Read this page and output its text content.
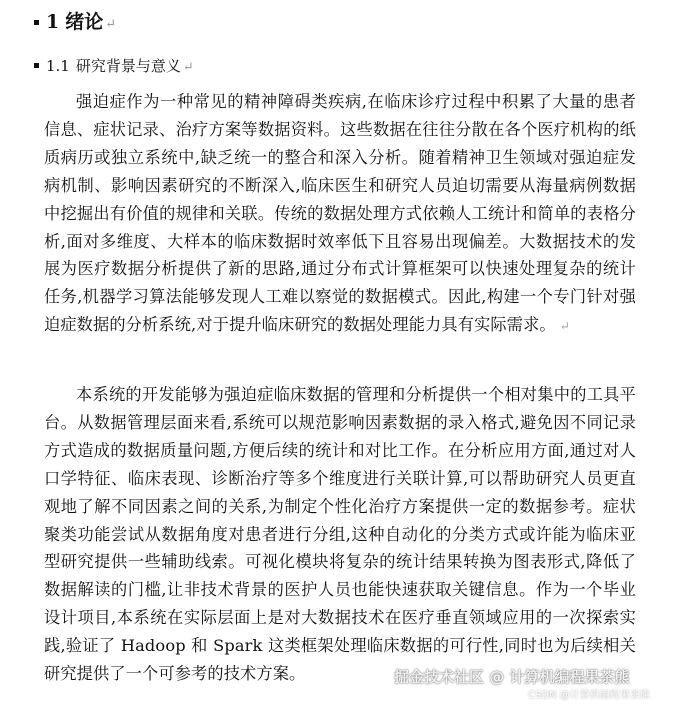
1 绪论 ↵
1.1 研究背景与意义 ↵

强迫症作为一种常见的精神障碍类疾病,在临床诊疗过程中积累了大量的患者信息、症状记录、治疗方案等数据资料。这些数据在往往分散在各个医疗机构的纸质病历或独立系统中,缺乏统一的整合和深入分析。随着精神卫生领域对强迫症发病机制、影响因素研究的不断深入,临床医生和研究人员迫切需要从海量病例数据中挖掘出有价值的规律和关联。传统的数据处理方式依赖人工统计和简单的表格分析,面对多维度、大样本的临床数据时效率低下且容易出现偏差。大数据技术的发展为医疗数据分析提供了新的思路,通过分布式计算框架可以快速处理复杂的统计任务,机器学习算法能够发现人工难以察觉的数据模式。因此,构建一个专门针对强迫症数据的分析系统,对于提升临床研究的数据处理能力具有实际需求。 ↵

本系统的开发能够为强迫症临床数据的管理和分析提供一个相对集中的工具平台。从数据管理层面来看,系统可以规范影响因素数据的录入格式,避免因不同记录方式造成的数据质量问题,方便后续的统计和对比工作。在分析应用方面,通过对人口学特征、临床表现、诊断治疗等多个维度进行关联计算,可以帮助研究人员更直观地了解不同因素之间的关系,为制定个性化治疗方案提供一定的数据参考。症状聚类功能尝试从数据角度对患者进行分组,这种自动化的分类方式或许能为临床亚型研究提供一些辅助线索。可视化模块将复杂的统计结果转换为图表形式,降低了数据解读的门槛,让非技术背景的医护人员也能快速获取关键信息。作为一个毕业设计项目,本系统在实际层面上是对大数据技术在医疗垂直领域应用的一次探索实践,验证了 Hadoop 和 Spark 这类框架处理临床数据的可行性,同时也为后续相关研究提供了一个可参考的技术方案。	掘金技术社区 @ 计算机编程果茶熊
CSDN @计算机编程果茶熊
